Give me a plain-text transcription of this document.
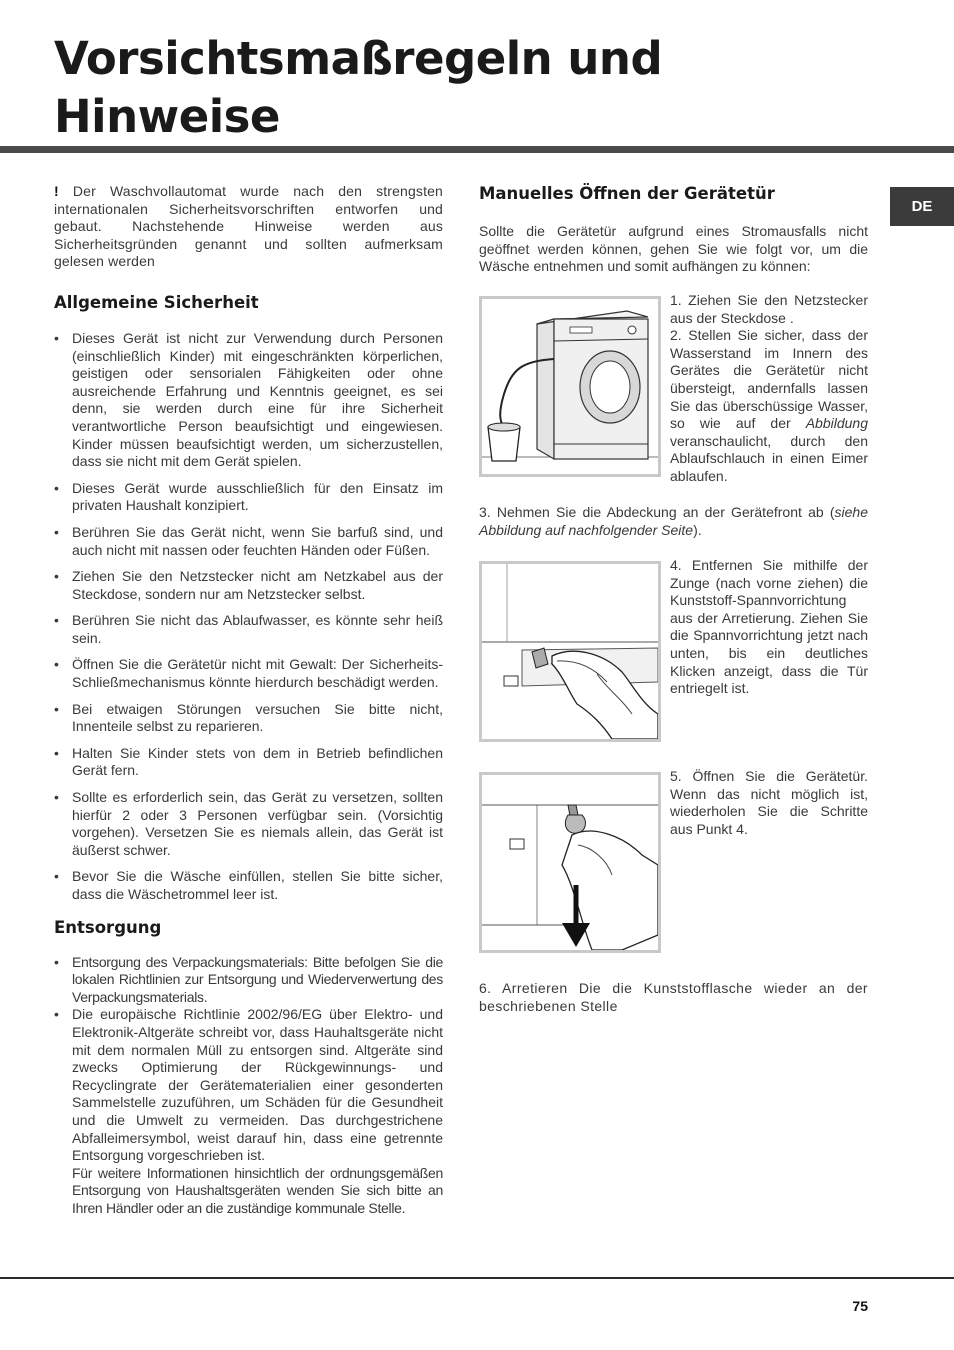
Vorsichtsmaßregeln und
Hinweise
DE

! Der Waschvollautomat wurde nach den strengsten internationalen Sicherheitsvorschriften entworfen und gebaut. Nachstehende Hinweise werden aus Sicherheitsgründen genannt und sollten aufmerksam gelesen werden

Allgemeine Sicherheit
• Dieses Gerät ist nicht zur Verwendung durch Personen (einschließlich Kinder) mit eingeschränkten körperlichen, geistigen oder sensorialen Fähigkeiten oder ohne ausreichende Erfahrung und Kenntnis geeignet, es sei denn, sie werden durch eine für ihre Sicherheit verantwortliche Person beaufsichtigt und eingewiesen. Kinder müssen beaufsichtigt werden, um sicherzustellen, dass sie nicht mit dem Gerät spielen.
• Dieses Gerät wurde ausschließlich für den Einsatz im privaten Haushalt konzipiert.
• Berühren Sie das Gerät nicht, wenn Sie barfuß sind, und auch nicht mit nassen oder feuchten Händen oder Füßen.
• Ziehen Sie den Netzstecker nicht am Netzkabel aus der Steckdose, sondern nur am Netzstecker selbst.
• Berühren Sie nicht das Ablaufwasser, es könnte sehr heiß sein.
• Öffnen Sie die Gerätetür nicht mit Gewalt: Der Sicherheits-Schließmechanismus könnte hierdurch beschädigt werden.
• Bei etwaigen Störungen versuchen Sie bitte nicht, Innenteile selbst zu reparieren.
• Halten Sie Kinder stets von dem in Betrieb befindlichen Gerät fern.
• Sollte es erforderlich sein, das Gerät zu versetzen, sollten hierfür 2 oder 3 Personen verfügbar sein. (Vorsichtig vorgehen). Versetzen Sie es niemals allein, das Gerät ist äußerst schwer.
• Bevor Sie die Wäsche einfüllen, stellen Sie bitte sicher, dass die Wäschetrommel leer ist.
Entsorgung
• Entsorgung des Verpackungsmaterials: Bitte befolgen Sie die lokalen Richtlinien zur Entsorgung und Wiederverwertung des Verpackungsmaterials.
• Die europäische Richtlinie 2002/96/EG über Elektro- und Elektronik-Altgeräte schreibt vor, dass Hauhaltsgeräte nicht mit dem normalen Müll zu entsorgen sind. Altgeräte sind zwecks Optimierung der Rückgewinnungs- und Recyclingrate der Gerätematerialien einer gesonderten Sammelstelle zuzuführen, um Schäden für die Gesundheit und die Umwelt zu vermeiden. Das durchgestrichene Abfalleimersymbol, weist darauf hin, dass eine getrennte Entsorgung vorgeschrieben ist.
Für weitere Informationen hinsichtlich der ordnungsgemäßen Entsorgung von Haushaltsgeräten wenden Sie sich bitte an Ihren Händler oder an die zuständige kommunale Stelle.
Manuelles Öffnen der Gerätetür

Sollte die Gerätetür aufgrund eines Stromausfalls nicht geöffnet werden können, gehen Sie wie folgt vor, um die Wäsche entnehmen und somit aufhängen zu können:

1. Ziehen Sie den Netzstecker aus der Steckdose .
2. Stellen Sie sicher, dass der Wasserstand im Innern des Gerätes die Gerätetür nicht übersteigt, andernfalls lassen Sie das überschüssige Wasser, so wie auf der Abbildung veranschaulicht, durch den Ablaufschlauch in einen Eimer ablaufen.

3. Nehmen Sie die Abdeckung an der Gerätefront ab (siehe Abbildung auf nachfolgender Seite).

4. Entfernen Sie mithilfe der Zunge (nach vorne ziehen) die Kunststoff-Spannvorrichtung aus der Arretierung. Ziehen Sie die Spannvorrichtung jetzt nach unten, bis ein deutliches Klicken anzeigt, dass die Tür entriegelt ist.
5. Öffnen Sie die Gerätetür. Wenn das nicht möglich ist, wiederholen Sie die Schritte aus Punkt 4.

6. Arretieren Die die Kunststofflasche wieder an der beschriebenen Stelle

75
